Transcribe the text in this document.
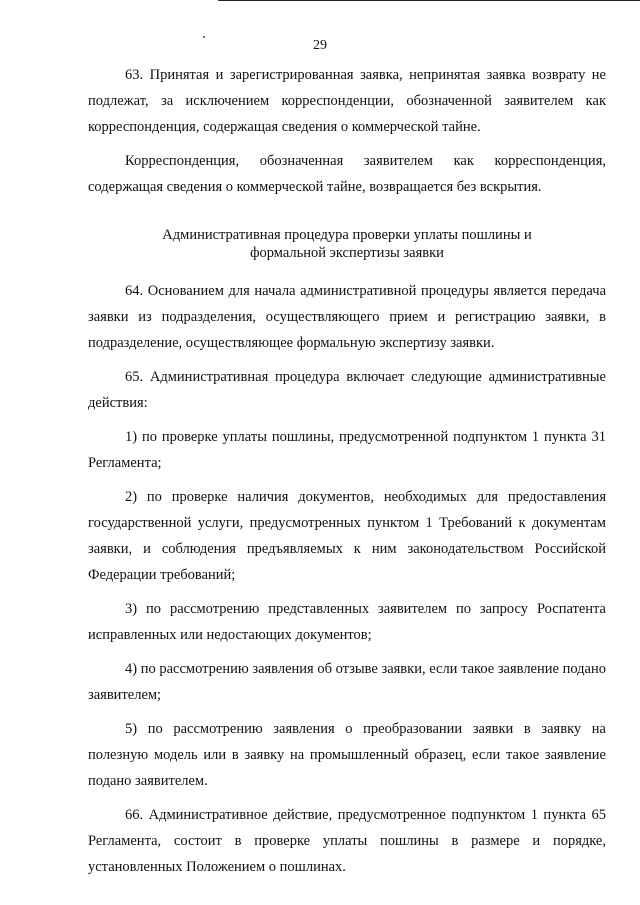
29

63. Принятая и зарегистрированная заявка, непринятая заявка возврату не подлежат, за исключением корреспонденции, обозначенной заявителем как корреспонденция, содержащая сведения о коммерческой тайне.

Корреспонденция, обозначенная заявителем как корреспонденция, содержащая сведения о коммерческой тайне, возвращается без вскрытия.

Административная процедура проверки уплаты пошлины и
формальной экспертизы заявки

64. Основанием для начала административной процедуры является передача заявки из подразделения, осуществляющего прием и регистрацию заявки, в подразделение, осуществляющее формальную экспертизу заявки.

65. Административная процедура включает следующие административные действия:

1) по проверке уплаты пошлины, предусмотренной подпунктом 1 пункта 31 Регламента;

2) по проверке наличия документов, необходимых для предоставления государственной услуги, предусмотренных пунктом 1 Требований к документам заявки, и соблюдения предъявляемых к ним законодательством Российской Федерации требований;

3) по рассмотрению представленных заявителем по запросу Роспатента исправленных или недостающих документов;

4) по рассмотрению заявления об отзыве заявки, если такое заявление подано заявителем;

5) по рассмотрению заявления о преобразовании заявки в заявку на полезную модель или в заявку на промышленный образец, если такое заявление подано заявителем.

66. Административное действие, предусмотренное подпунктом 1 пункта 65 Регламента, состоит в проверке уплаты пошлины в размере и порядке, установленных Положением о пошлинах.
